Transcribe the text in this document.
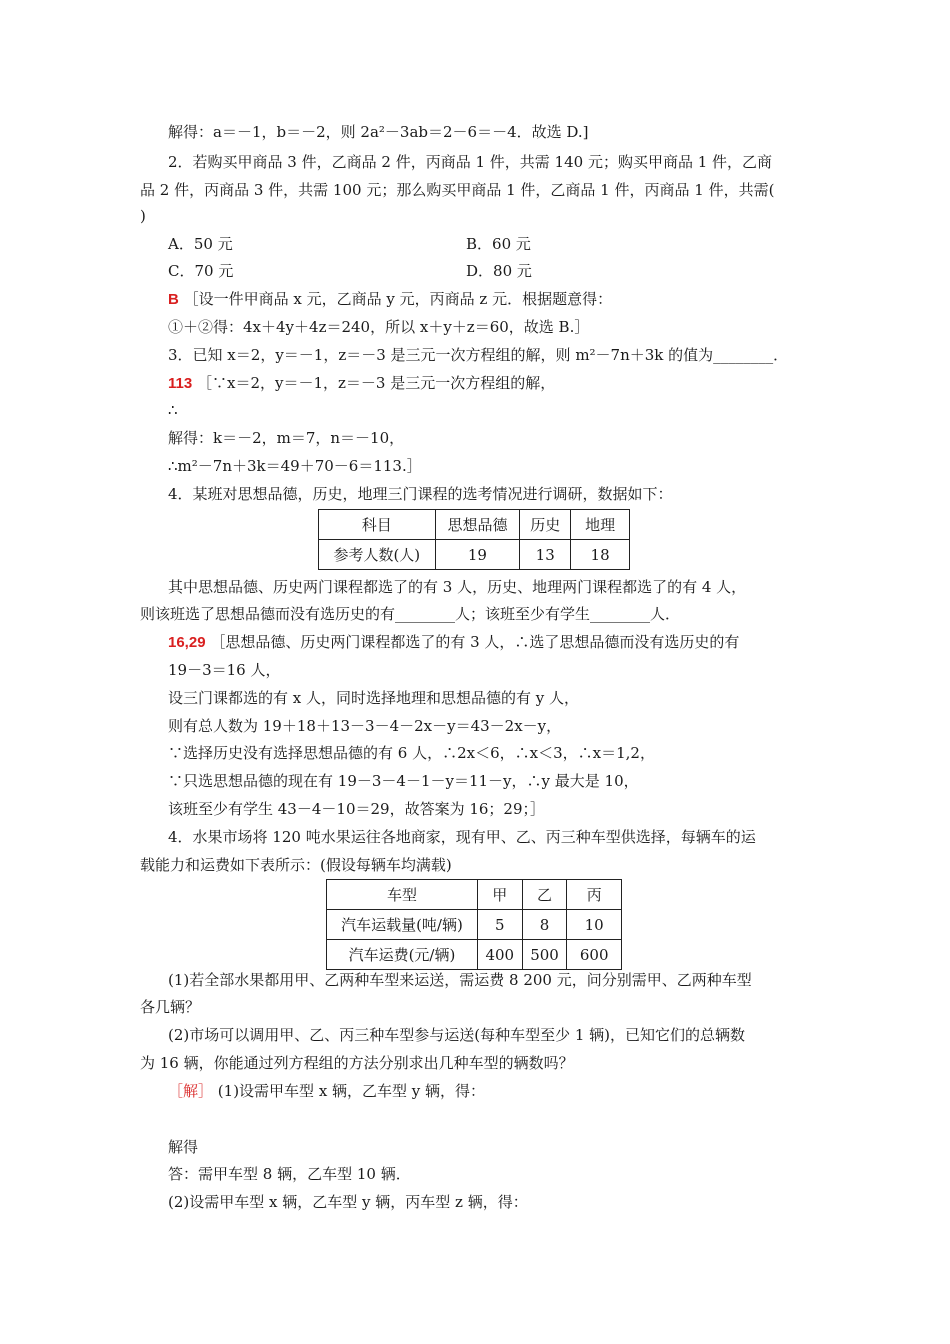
解得：a＝－1，b＝－2，则 2a²－3ab＝2－6＝－4．故选 D.]
2．若购买甲商品 3 件，乙商品 2 件，丙商品 1 件，共需 140 元；购买甲商品 1 件，乙商
品 2 件，丙商品 3 件，共需 100 元；那么购买甲商品 1 件，乙商品 1 件，丙商品 1 件，共需(
)
A．50 元	B．60 元
C．70 元	D．80 元
B ［设一件甲商品 x 元，乙商品 y 元，丙商品 z 元．根据题意得：
①＋②得：4x＋4y＋4z＝240，所以 x＋y＋z＝60，故选 B.］
3．已知 x＝2，y＝－1，z＝－3 是三元一次方程组的解，则 m²－7n＋3k 的值为________．
113 ［∵x＝2，y＝－1，z＝－3 是三元一次方程组的解，
∴
解得：k＝－2，m＝7，n＝－10，
∴m²－7n＋3k＝49＋70－6＝113.］
4．某班对思想品德，历史，地理三门课程的选考情况进行调研，数据如下：
科目	思想品德	历史	地理
参考人数(人)	19	13	18
其中思想品德、历史两门课程都选了的有 3 人，历史、地理两门课程都选了的有 4 人，
则该班选了思想品德而没有选历史的有________人；该班至少有学生________人．
16,29 ［思想品德、历史两门课程都选了的有 3 人，∴选了思想品德而没有选历史的有
19－3＝16 人，
设三门课都选的有 x 人，同时选择地理和思想品德的有 y 人，
则有总人数为 19＋18＋13－3－4－2x－y＝43－2x－y，
∵选择历史没有选择思想品德的有 6 人，∴2x＜6，∴x＜3，∴x＝1,2，
∵只选思想品德的现在有 19－3－4－1－y＝11－y，∴y 最大是 10，
该班至少有学生 43－4－10＝29，故答案为 16；29；］
4．水果市场将 120 吨水果运往各地商家，现有甲、乙、丙三种车型供选择，每辆车的运
载能力和运费如下表所示：(假设每辆车均满载)
车型	甲	乙	丙
汽车运载量(吨/辆)	5	8	10
汽车运费(元/辆)	400	500	600
(1)若全部水果都用甲、乙两种车型来运送，需运费 8 200 元，问分别需甲、乙两种车型
各几辆？
(2)市场可以调用甲、乙、丙三种车型参与运送(每种车型至少 1 辆)，已知它们的总辆数
为 16 辆，你能通过列方程组的方法分别求出几种车型的辆数吗？
［解］ (1)设需甲车型 x 辆，乙车型 y 辆，得：
解得
答：需甲车型 8 辆，乙车型 10 辆．
(2)设需甲车型 x 辆，乙车型 y 辆，丙车型 z 辆，得：
